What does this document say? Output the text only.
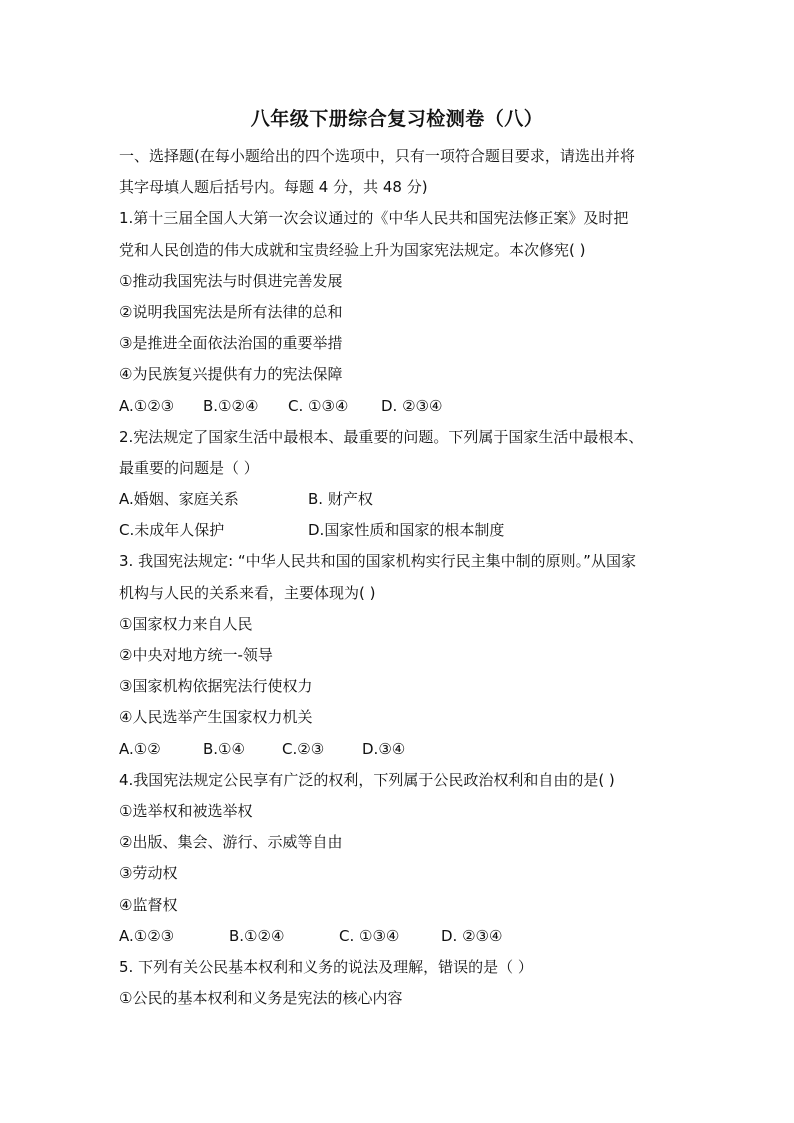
八年级下册综合复习检测卷（八）
一、选择题(在每小题给出的四个选项中，只有一项符合题目要求，请选出并将
其字母填人题后括号内。每题 4 分，共 48 分)
1.第十三届全国人大第一次会议通过的《中华人民共和国宪法修正案》及时把
党和人民创造的伟大成就和宝贵经验上升为国家宪法规定。本次修宪( )
①推动我国宪法与时俱进完善发展
②说明我国宪法是所有法律的总和
③是推进全面依法治国的重要举措
④为民族复兴提供有力的宪法保障
A.①②③	B.①②④	C. ①③④	D. ②③④
2.宪法规定了国家生活中最根本、最重要的问题。下列属于国家生活中最根本、
最重要的问题是（ ）
A.婚姻、家庭关系	B. 财产权
C.未成年人保护	D.国家性质和国家的根本制度
3. 我国宪法规定: “中华人民共和国的国家机构实行民主集中制的原则。”从国家
机构与人民的关系来看，主要体现为( )
①国家权力来自人民
②中央对地方统一-领导
③国家机构依据宪法行使权力
④人民选举产生国家权力机关
A.①②	B.①④	C.②③	D.③④
4.我国宪法规定公民享有广泛的权利，下列属于公民政治权利和自由的是( )
①选举权和被选举权
②出版、集会、游行、示威等自由
③劳动权
④监督权
A.①②③	B.①②④	C. ①③④	D. ②③④
5. 下列有关公民基本权利和义务的说法及理解，错误的是（ ）
①公民的基本权利和义务是宪法的核心内容
